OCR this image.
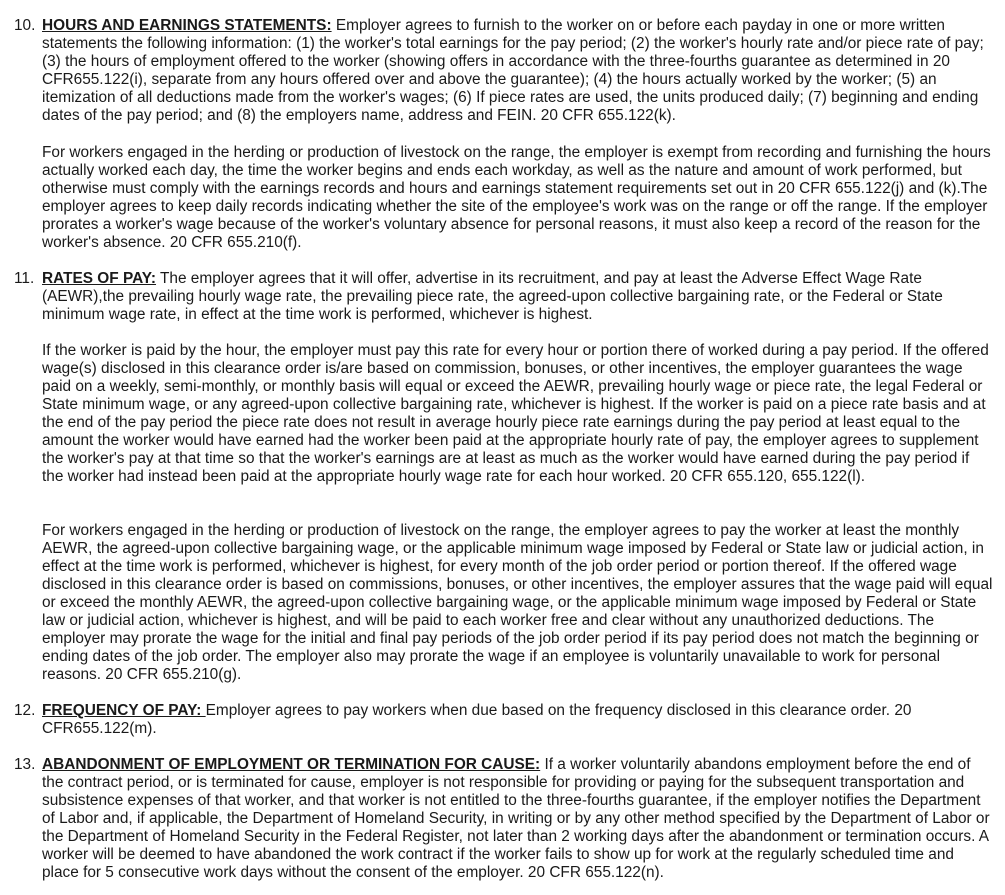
10. HOURS AND EARNINGS STATEMENTS: Employer agrees to furnish to the worker on or before each payday in one or more written statements the following information: (1) the worker's total earnings for the pay period; (2) the worker's hourly rate and/or piece rate of pay;(3) the hours of employment offered to the worker (showing offers in accordance with the three-fourths guarantee as determined in 20 CFR655.122(i), separate from any hours offered over and above the guarantee); (4) the hours actually worked by the worker; (5) an itemization of all deductions made from the worker's wages; (6) If piece rates are used, the units produced daily; (7) beginning and ending dates of the pay period; and (8) the employers name, address and FEIN. 20 CFR 655.122(k).

For workers engaged in the herding or production of livestock on the range, the employer is exempt from recording and furnishing the hours actually worked each day, the time the worker begins and ends each workday, as well as the nature and amount of work performed, but otherwise must comply with the earnings records and hours and earnings statement requirements set out in 20 CFR 655.122(j) and (k).The employer agrees to keep daily records indicating whether the site of the employee's work was on the range or off the range. If the employer prorates a worker's wage because of the worker's voluntary absence for personal reasons, it must also keep a record of the reason for the worker's absence. 20 CFR 655.210(f).

11. RATES OF PAY: The employer agrees that it will offer, advertise in its recruitment, and pay at least the Adverse Effect Wage Rate (AEWR),the prevailing hourly wage rate, the prevailing piece rate, the agreed-upon collective bargaining rate, or the Federal or State minimum wage rate, in effect at the time work is performed, whichever is highest.

If the worker is paid by the hour, the employer must pay this rate for every hour or portion there of worked during a pay period. If the offered wage(s) disclosed in this clearance order is/are based on commission, bonuses, or other incentives, the employer guarantees the wage paid on a weekly, semi-monthly, or monthly basis will equal or exceed the AEWR, prevailing hourly wage or piece rate, the legal Federal or State minimum wage, or any agreed-upon collective bargaining rate, whichever is highest. If the worker is paid on a piece rate basis and at the end of the pay period the piece rate does not result in average hourly piece rate earnings during the pay period at least equal to the amount the worker would have earned had the worker been paid at the appropriate hourly rate of pay, the employer agrees to supplement the worker's pay at that time so that the worker's earnings are at least as much as the worker would have earned during the pay period if the worker had instead been paid at the appropriate hourly wage rate for each hour worked. 20 CFR 655.120, 655.122(l).

For workers engaged in the herding or production of livestock on the range, the employer agrees to pay the worker at least the monthly AEWR, the agreed-upon collective bargaining wage, or the applicable minimum wage imposed by Federal or State law or judicial action, in effect at the time work is performed, whichever is highest, for every month of the job order period or portion thereof. If the offered wage disclosed in this clearance order is based on commissions, bonuses, or other incentives, the employer assures that the wage paid will equal or exceed the monthly AEWR, the agreed-upon collective bargaining wage, or the applicable minimum wage imposed by Federal or State law or judicial action, whichever is highest, and will be paid to each worker free and clear without any unauthorized deductions. The employer may prorate the wage for the initial and final pay periods of the job order period if its pay period does not match the beginning or ending dates of the job order. The employer also may prorate the wage if an employee is voluntarily unavailable to work for personal reasons. 20 CFR 655.210(g).

12. FREQUENCY OF PAY: Employer agrees to pay workers when due based on the frequency disclosed in this clearance order. 20 CFR655.122(m).

13. ABANDONMENT OF EMPLOYMENT OR TERMINATION FOR CAUSE: If a worker voluntarily abandons employment before the end of the contract period, or is terminated for cause, employer is not responsible for providing or paying for the subsequent transportation and subsistence expenses of that worker, and that worker is not entitled to the three-fourths guarantee, if the employer notifies the Department of Labor and, if applicable, the Department of Homeland Security, in writing or by any other method specified by the Department of Labor or the Department of Homeland Security in the Federal Register, not later than 2 working days after the abandonment or termination occurs. A worker will be deemed to have abandoned the work contract if the worker fails to show up for work at the regularly scheduled time and place for 5 consecutive work days without the consent of the employer. 20 CFR 655.122(n).
